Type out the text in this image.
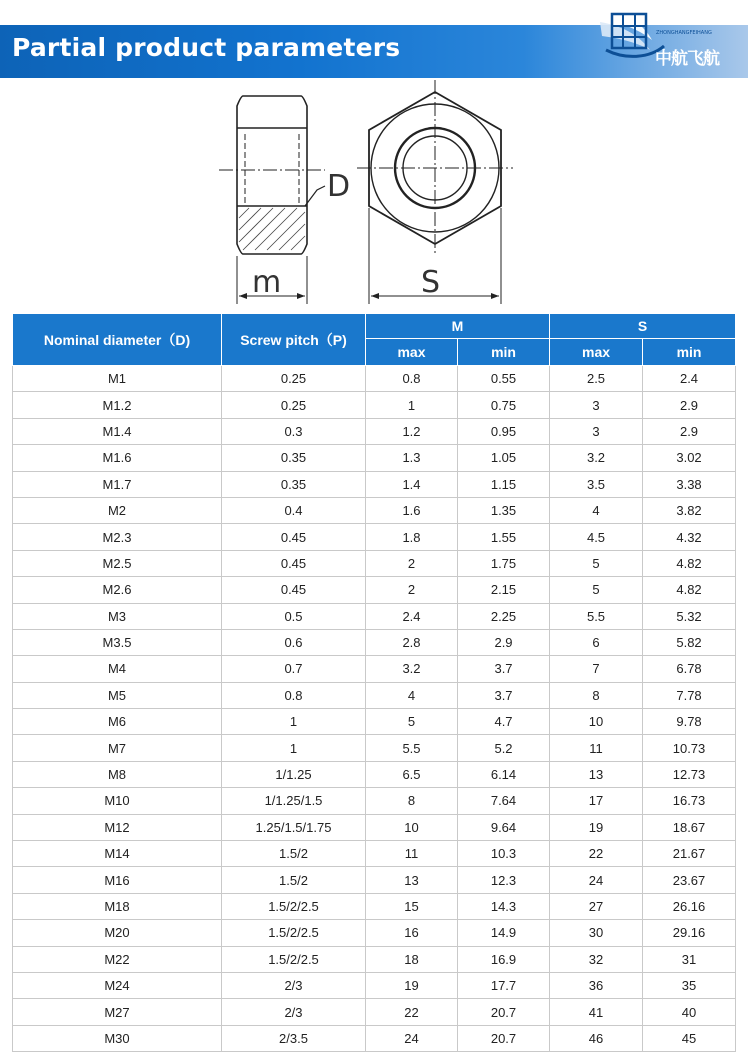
Partial product parameters	ZHONGHANGFEIHANG
中航飞航
D
m	S
Nominal diameter（D)	Screw pitch（P)	M		S	
		max	min	max	min
M1	0.25	0.8	0.55	2.5	2.4
M1.2	0.25	1	0.75	3	2.9
M1.4	0.3	1.2	0.95	3	2.9
M1.6	0.35	1.3	1.05	3.2	3.02
M1.7	0.35	1.4	1.15	3.5	3.38
M2	0.4	1.6	1.35	4	3.82
M2.3	0.45	1.8	1.55	4.5	4.32
M2.5	0.45	2	1.75	5	4.82
M2.6	0.45	2	2.15	5	4.82
M3	0.5	2.4	2.25	5.5	5.32
M3.5	0.6	2.8	2.9	6	5.82
M4	0.7	3.2	3.7	7	6.78
M5	0.8	4	3.7	8	7.78
M6	1	5	4.7	10	9.78
M7	1	5.5	5.2	11	10.73
M8	1/1.25	6.5	6.14	13	12.73
M10	1/1.25/1.5	8	7.64	17	16.73
M12	1.25/1.5/1.75	10	9.64	19	18.67
M14	1.5/2	11	10.3	22	21.67
M16	1.5/2	13	12.3	24	23.67
M18	1.5/2/2.5	15	14.3	27	26.16
M20	1.5/2/2.5	16	14.9	30	29.16
M22	1.5/2/2.5	18	16.9	32	31
M24	2/3	19	17.7	36	35
M27	2/3	22	20.7	41	40
M30	2/3.5	24	20.7	46	45
